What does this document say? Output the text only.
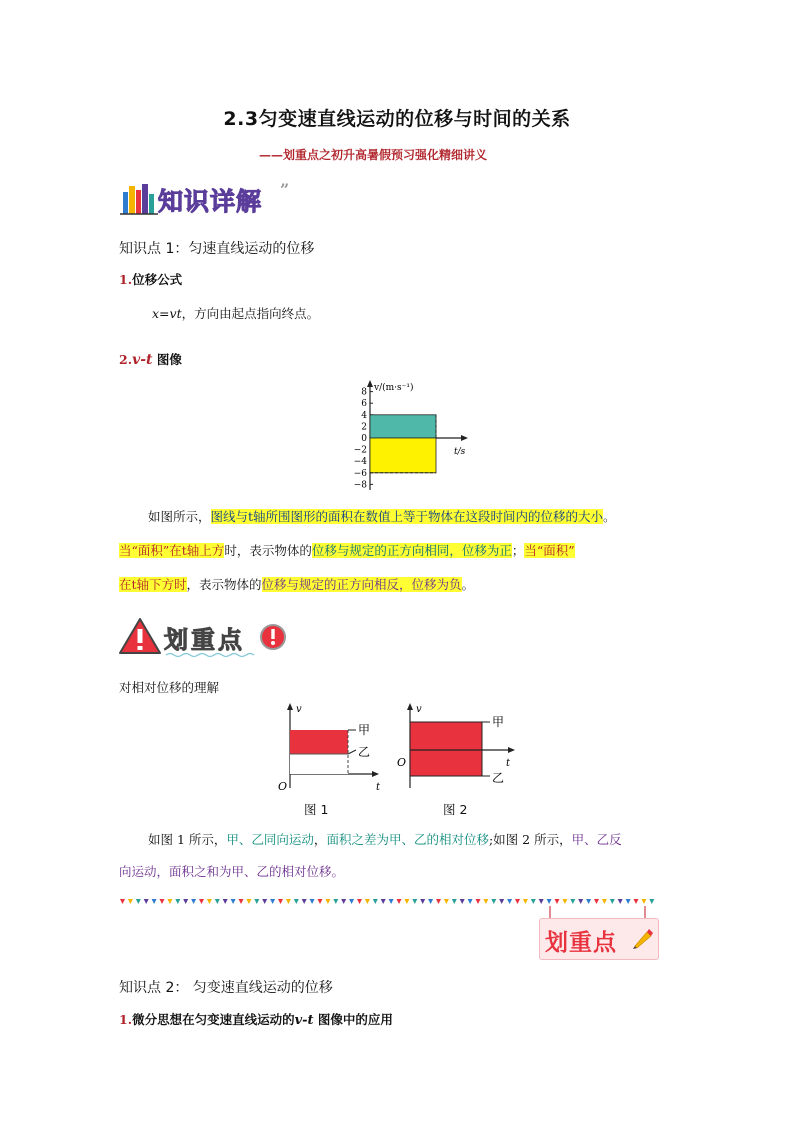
2.3匀变速直线运动的位移与时间的关系
——划重点之初升高暑假预习强化精细讲义
知识详解 ”
知识点 1：匀速直线运动的位移
1.位移公式
x=vt，方向由起点指向终点。
2.v-t 图像
8
6
4
2
0
−2
−4
−6
−8
v/(m·s⁻¹)
t/s
如图所示，图线与t轴所围图形的面积在数值上等于物体在这段时间内的位移的大小。
当“面积”在t轴上方时，表示物体的位移与规定的正方向相同，位移为正；当“面积”
在t轴下方时，表示物体的位移与规定的正方向相反，位移为负。
划重点
对相对位移的理解
v
t
O
甲
乙
图 1
v
t
O
甲
乙
图 2
如图 1 所示，甲、乙同向运动，面积之差为甲、乙的相对位移;如图 2 所示，甲、乙反
向运动，面积之和为甲、乙的相对位移。
划重点
知识点 2： 匀变速直线运动的位移
1.微分思想在匀变速直线运动的v-t 图像中的应用
